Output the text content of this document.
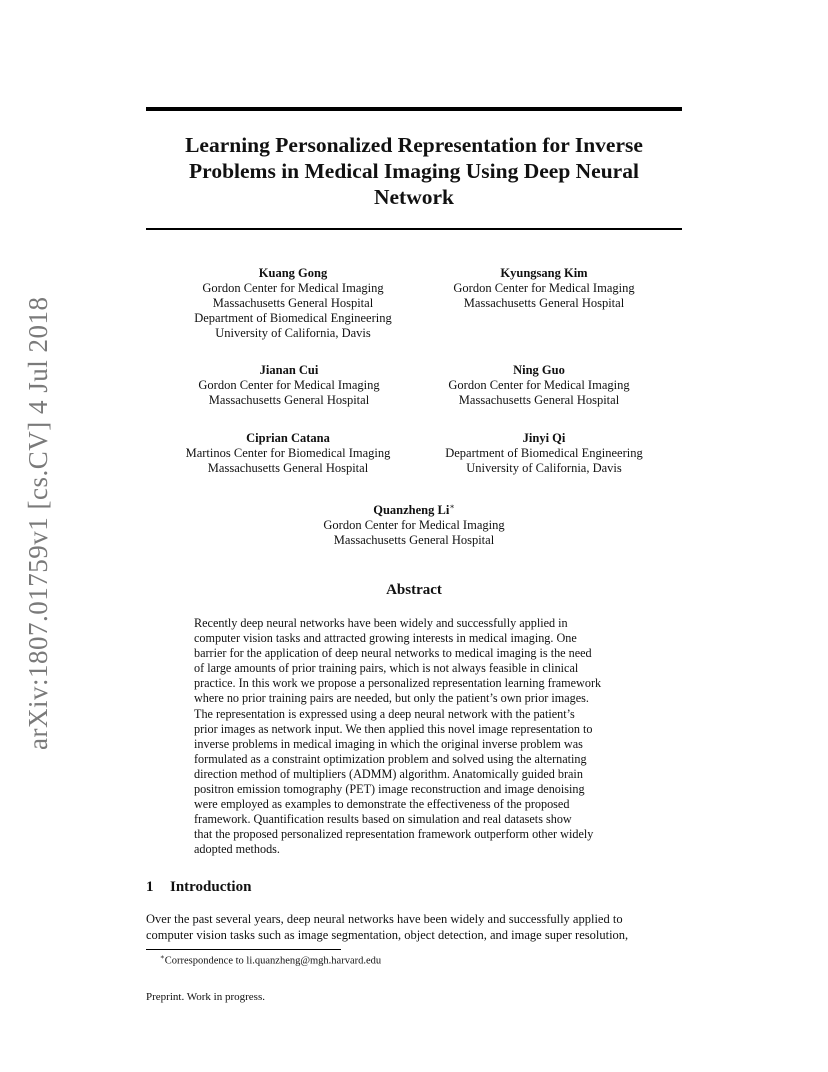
Learning Personalized Representation for Inverse
Problems in Medical Imaging Using Deep Neural
Network
arXiv:1807.01759v1 [cs.CV] 4 Jul 2018
Kuang Gong
Gordon Center for Medical Imaging
Massachusetts General Hospital
Department of Biomedical Engineering
University of California, Davis
Kyungsang Kim
Gordon Center for Medical Imaging
Massachusetts General Hospital
Jianan Cui
Gordon Center for Medical Imaging
Massachusetts General Hospital
Ning Guo
Gordon Center for Medical Imaging
Massachusetts General Hospital
Ciprian Catana
Martinos Center for Biomedical Imaging
Massachusetts General Hospital
Jinyi Qi
Department of Biomedical Engineering
University of California, Davis
Quanzheng Li∗
Gordon Center for Medical Imaging
Massachusetts General Hospital
Abstract
Recently deep neural networks have been widely and successfully applied in
computer vision tasks and attracted growing interests in medical imaging. One
barrier for the application of deep neural networks to medical imaging is the need
of large amounts of prior training pairs, which is not always feasible in clinical
practice. In this work we propose a personalized representation learning framework
where no prior training pairs are needed, but only the patient’s own prior images.
The representation is expressed using a deep neural network with the patient’s
prior images as network input. We then applied this novel image representation to
inverse problems in medical imaging in which the original inverse problem was
formulated as a constraint optimization problem and solved using the alternating
direction method of multipliers (ADMM) algorithm. Anatomically guided brain
positron emission tomography (PET) image reconstruction and image denoising
were employed as examples to demonstrate the effectiveness of the proposed
framework. Quantification results based on simulation and real datasets show
that the proposed personalized representation framework outperform other widely
adopted methods.
1 Introduction
Over the past several years, deep neural networks have been widely and successfully applied to
computer vision tasks such as image segmentation, object detection, and image super resolution,
∗Correspondence to li.quanzheng@mgh.harvard.edu
Preprint. Work in progress.
